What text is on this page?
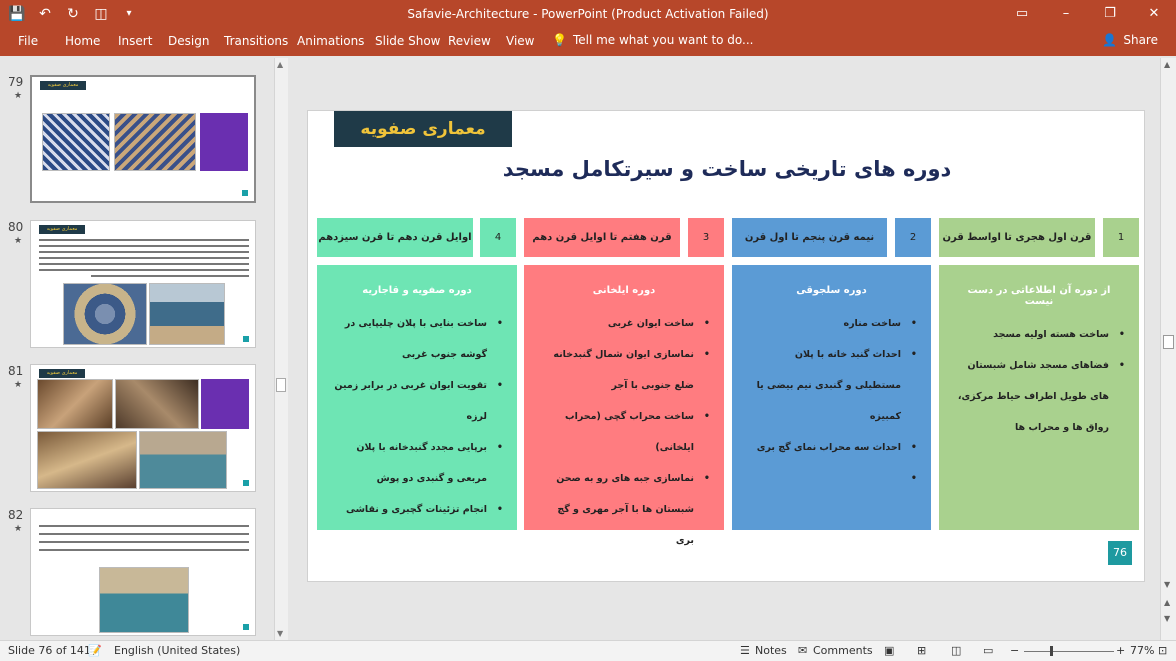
💾 ↶ ↻ ◫	▾	Safavie-Architecture - PowerPoint (Product Activation Failed)	▭	–	❐	✕
File Home Insert Design Transitions Animations Slide Show Review View 💡 Tell me what you want to do...	👤 Share
79
★
معماری صفویه
80
★
معماری صفویه
81
★
معماری صفویه
82
★
▲
▼
معماری صفویه
دوره های تاریخی ساخت و سیرتکامل مسجد
1
قرن اول هجری تا اواسط قرن
2
نیمه قرن پنجم تا اول قرن
3
قرن هفتم تا اوایل قرن دهم
4
اوایل قرن دهم تا قرن سیزدهم
از دوره آن اطلاعاتی در دست نیست
• ساخت هسته اولیه مسجد
• فضاهای مسجد شامل شبستان های طویل اطراف حیاط مرکزی، رواق ها و محراب ها
دوره سلجوقی
• ساخت مناره
• احداث گنبد خانه با پلان مستطیلی و گنبدی نیم بیضی یا کمبیزه
• احداث سه محراب نمای گچ بری
دوره ایلخانی
• ساخت ایوان غربی
• نماسازی ایوان شمال گنبدخانه ضلع جنوبی با آجر
• ساخت محراب گچی (محراب ایلخانی)
• نماسازی جبه های رو به صحن شبستان ها با آجر مهری و گچ بری
دوره صفویه و قاجاریه
• ساخت بنایی با پلان چلیپایی در گوشه جنوب غربی
• تقویت ایوان غربی در برابر زمین لرزه
• برپایی مجدد گنبدخانه با پلان مربعی و گنبدی دو پوش
• انجام تزئینات گچبری و نقاشی
76
▲
▼
▲
▼
Slide 76 of 141
📝 English (United States)	☰ Notes ✉ Comments ▣ ⊞ ◫ ▭ −	+ 77% ⊡
